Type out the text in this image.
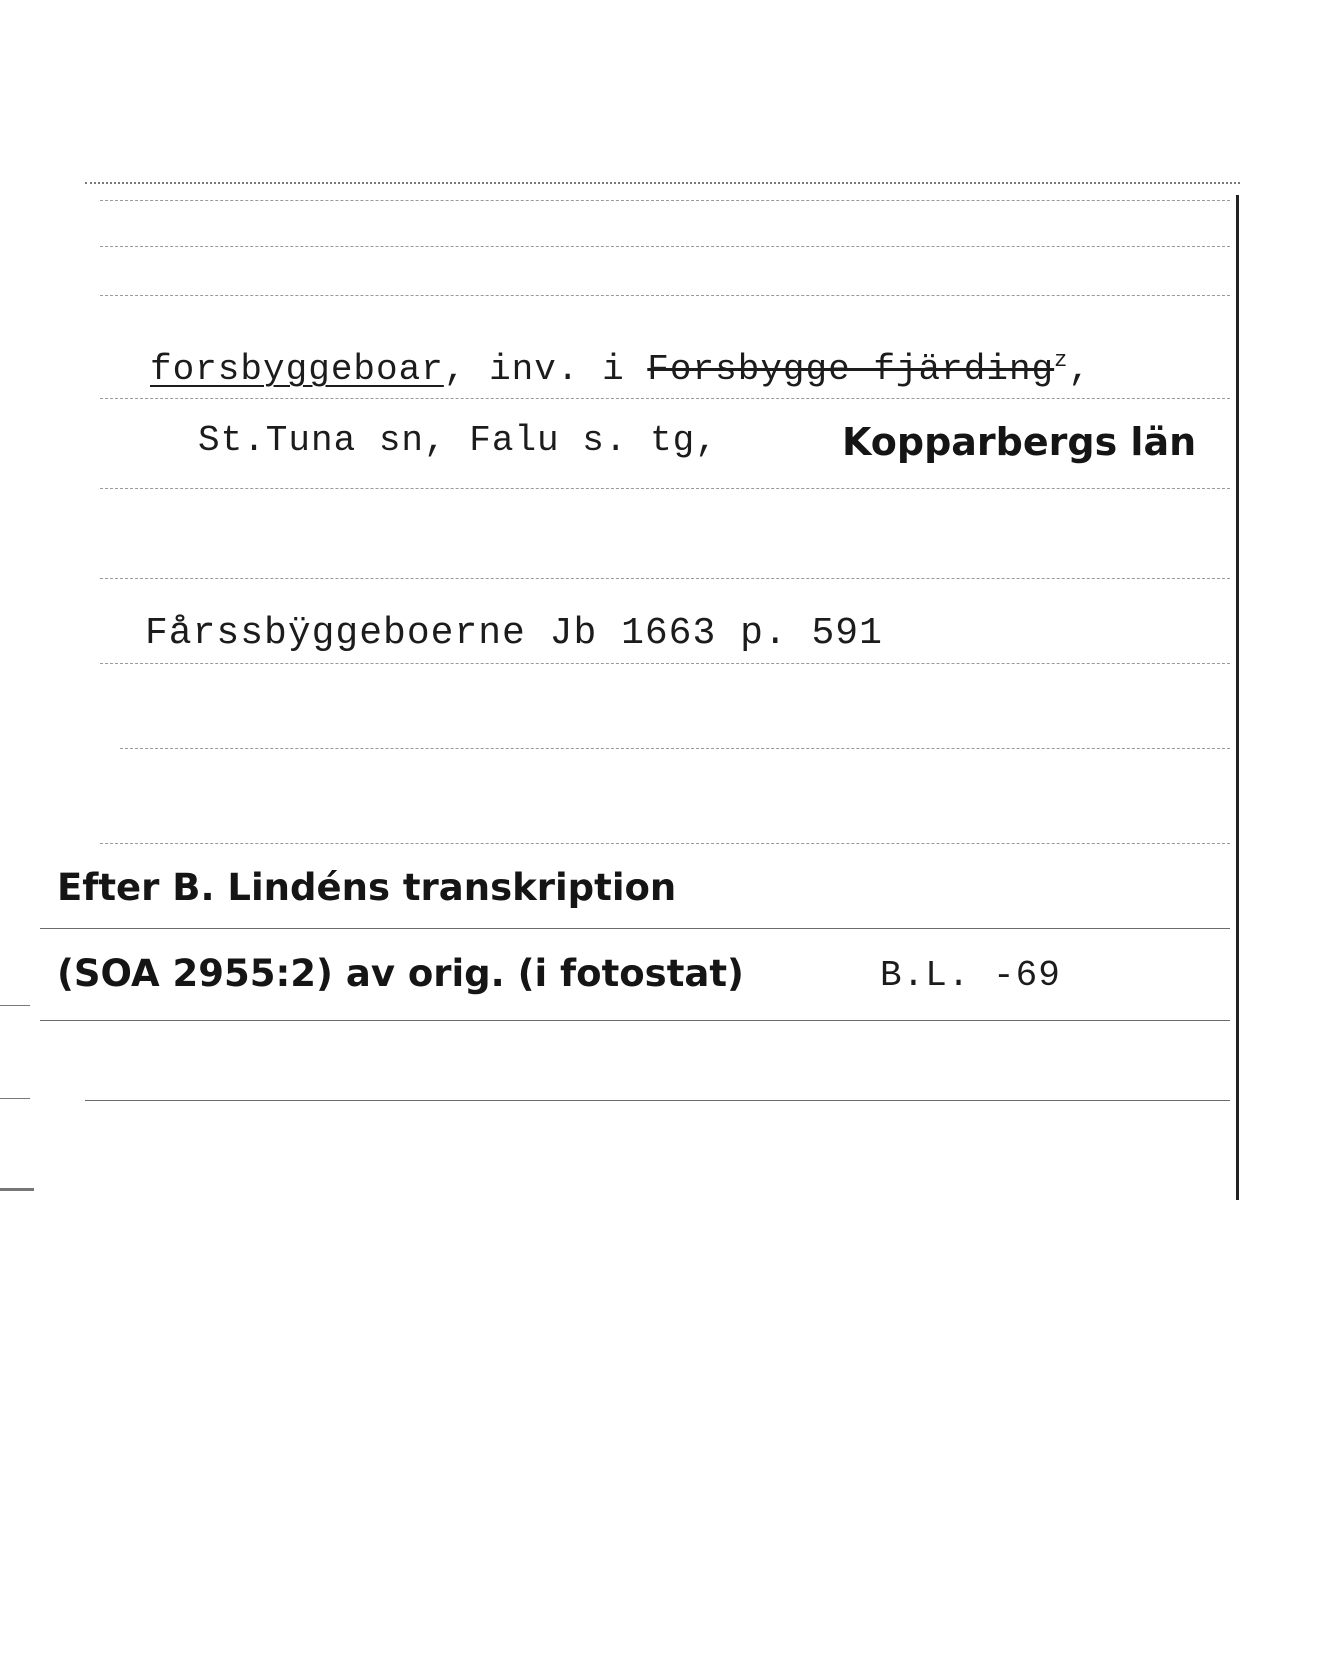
forsbyggeboar, inv. i Forsbygge fjärding$^z$,
St.Tuna sn, Falu s. tg,	Kopparbergs län
Fårssbÿggeboerne Jb 1663 p. 591
Efter B. Lindéns transkription
(SOA 2955:2) av orig. (i fotostat)	B.L. -69
